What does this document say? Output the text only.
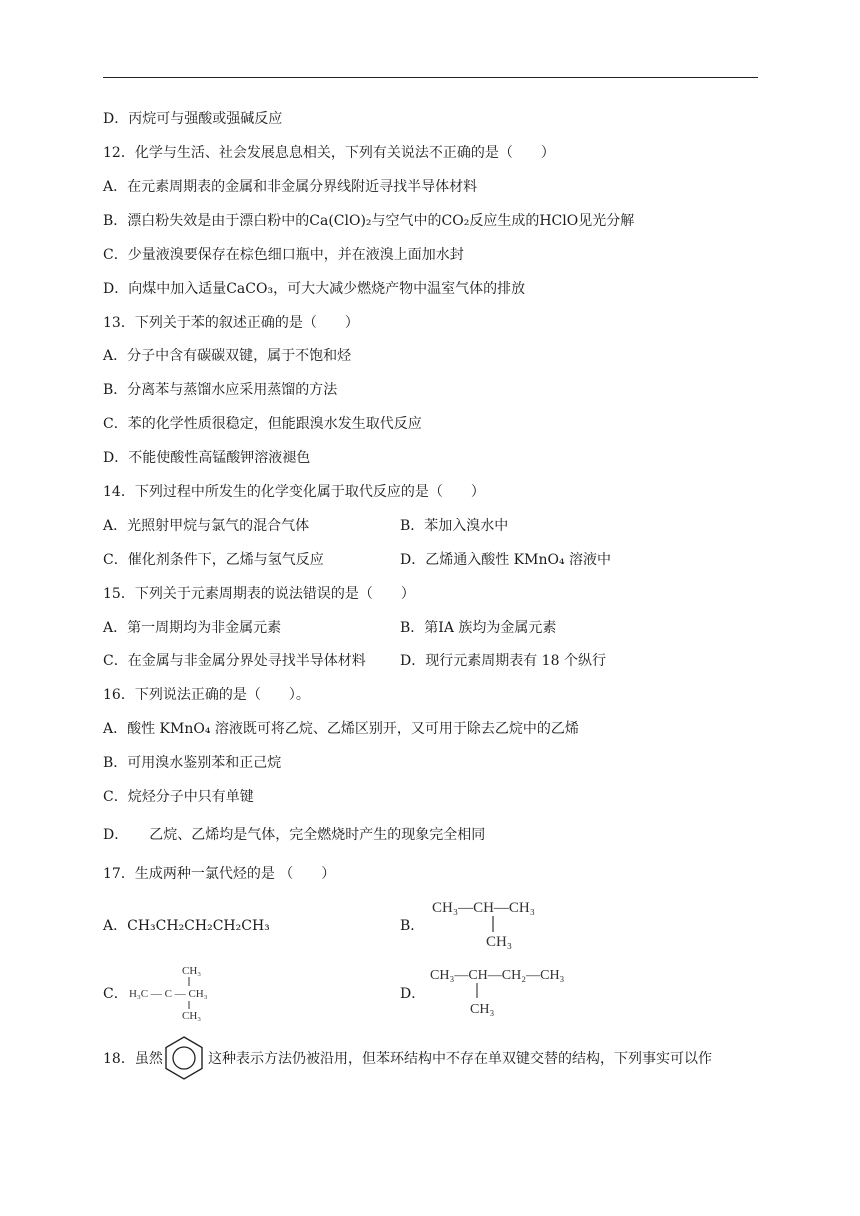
D．丙烷可与强酸或强碱反应
12．化学与生活、社会发展息息相关，下列有关说法不正确的是（　　）
A．在元素周期表的金属和非金属分界线附近寻找半导体材料
B．漂白粉失效是由于漂白粉中的Ca(ClO)₂与空气中的CO₂反应生成的HClO见光分解
C．少量液溴要保存在棕色细口瓶中，并在液溴上面加水封
D．向煤中加入适量CaCO₃，可大大减少燃烧产物中温室气体的排放
13．下列关于苯的叙述正确的是（　　）
A．分子中含有碳碳双键，属于不饱和烃
B．分离苯与蒸馏水应采用蒸馏的方法
C．苯的化学性质很稳定，但能跟溴水发生取代反应
D．不能使酸性高锰酸钾溶液褪色
14．下列过程中所发生的化学变化属于取代反应的是（　　）
A．光照射甲烷与氯气的混合气体	B．苯加入溴水中
C．催化剂条件下，乙烯与氢气反应	D．乙烯通入酸性 KMnO₄ 溶液中
15．下列关于元素周期表的说法错误的是（　　）
A．第一周期均为非金属元素	B．第ⅠA 族均为金属元素
C．在金属与非金属分界处寻找半导体材料 D．现行元素周期表有 18 个纵行
16．下列说法正确的是（　　）。
A．酸性 KMnO₄ 溶液既可将乙烷、乙烯区别开，又可用于除去乙烷中的乙烯
B．可用溴水鉴别苯和正己烷
C．烷烃分子中只有单键
D．　　乙烷、乙烯均是气体，完全燃烧时产生的现象完全相同
17．生成两种一氯代烃的是 （　　）
A．CH₃CH₂CH₂CH₂CH₃	B．
CH₃—CH—CH₃
CH₃
C．
CH₃
H₃C — C — CH₃
CH₃
D．
CH₃—CH—CH₂—CH₃
CH₃
18．虽然	这种表示方法仍被沿用，但苯环结构中不存在单双键交替的结构，下列事实可以作
